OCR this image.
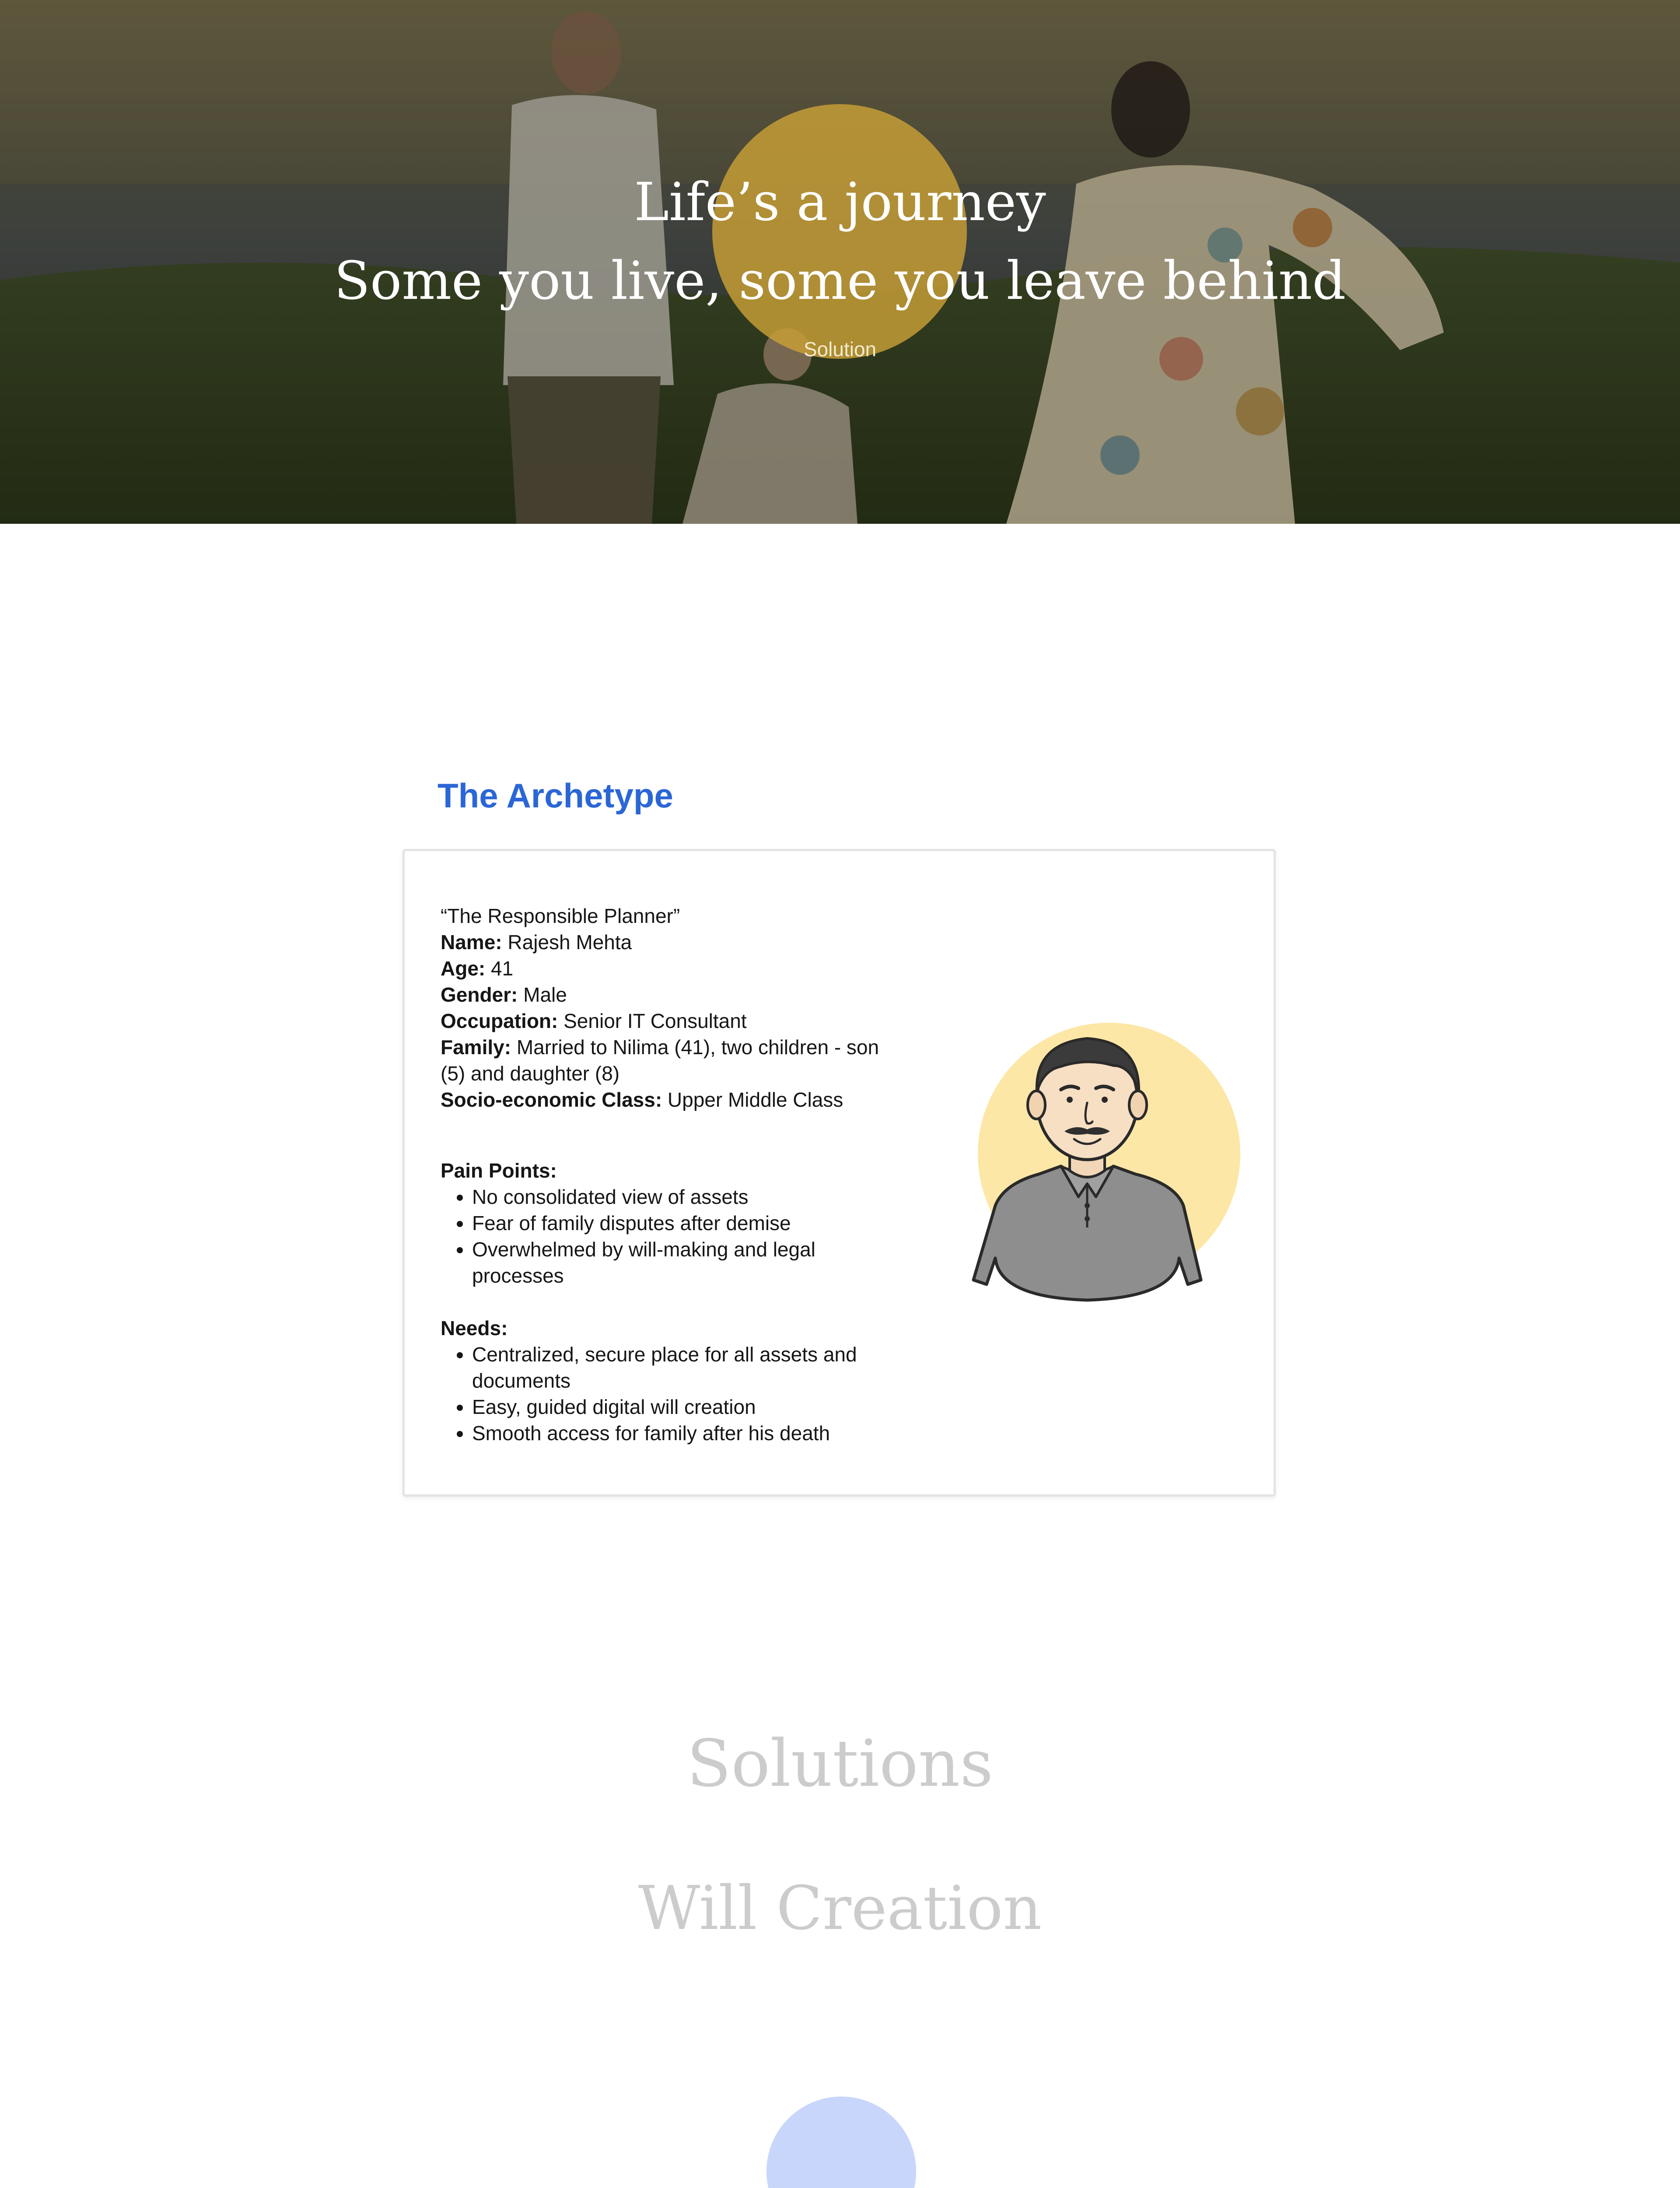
Life’s a journey
Some you live, some you leave behind
Solution
The Archetype

“The Responsible Planner”

Name: Rajesh Mehta

Age: 41

Gender: Male

Occupation: Senior IT Consultant

Family: Married to Nilima (41), two children - son (5) and daughter (8)

Socio-economic Class: Upper Middle Class

Pain Points:

• No consolidated view of assets
• Fear of family disputes after demise
• Overwhelmed by will-making and legal processes

Needs:

• Centralized, secure place for all assets and documents
• Easy, guided digital will creation
• Smooth access for family after his death
Solutions
Will Creation
